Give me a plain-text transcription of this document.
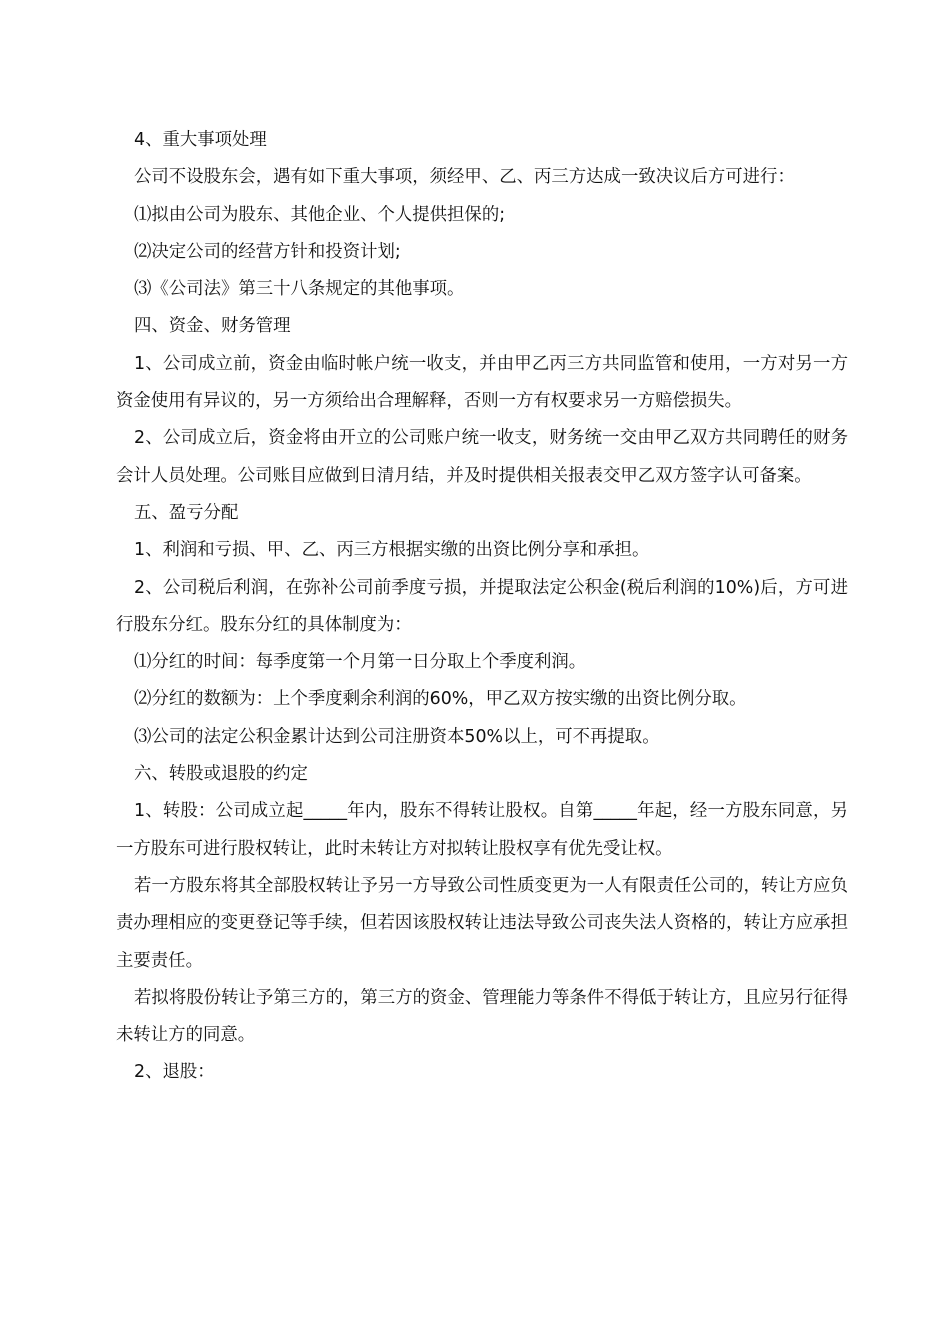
4、重大事项处理

公司不设股东会，遇有如下重大事项，须经甲、乙、丙三方达成一致决议后方可进行：

⑴拟由公司为股东、其他企业、个人提供担保的;

⑵决定公司的经营方针和投资计划;

⑶《公司法》第三十八条规定的其他事项。

四、资金、财务管理

1、公司成立前，资金由临时帐户统一收支，并由甲乙丙三方共同监管和使用，一方对另一方资金使用有异议的，另一方须给出合理解释，否则一方有权要求另一方赔偿损失。

2、公司成立后，资金将由开立的公司账户统一收支，财务统一交由甲乙双方共同聘任的财务会计人员处理。公司账目应做到日清月结，并及时提供相关报表交甲乙双方签字认可备案。

五、盈亏分配

1、利润和亏损、甲、乙、丙三方根据实缴的出资比例分享和承担。

2、公司税后利润，在弥补公司前季度亏损，并提取法定公积金(税后利润的10%)后，方可进行股东分红。股东分红的具体制度为：

⑴分红的时间：每季度第一个月第一日分取上个季度利润。

⑵分红的数额为：上个季度剩余利润的60%，甲乙双方按实缴的出资比例分取。

⑶公司的法定公积金累计达到公司注册资本50%以上，可不再提取。

六、转股或退股的约定

1、转股：公司成立起_____年内，股东不得转让股权。自第_____年起，经一方股东同意，另一方股东可进行股权转让，此时未转让方对拟转让股权享有优先受让权。

若一方股东将其全部股权转让予另一方导致公司性质变更为一人有限责任公司的，转让方应负责办理相应的变更登记等手续，但若因该股权转让违法导致公司丧失法人资格的，转让方应承担主要责任。

若拟将股份转让予第三方的，第三方的资金、管理能力等条件不得低于转让方，且应另行征得未转让方的同意。

2、退股：
